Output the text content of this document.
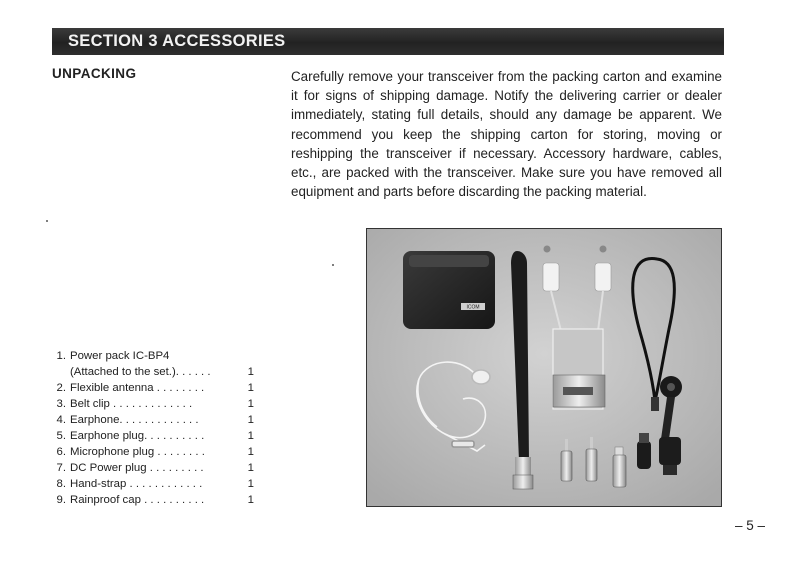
SECTION 3 ACCESSORIES
UNPACKING	Carefully remove your transceiver from the packing carton and examine it for signs of shipping damage. Notify the delivering carrier or dealer immediately, stating full details, should any damage be apparent. We recommend you keep the shipping carton for storing, moving or reshipping the transceiver if necessary. Accessory hardware, cables, etc., are packed with the transceiver. Make sure you have removed all equipment and parts before discarding the packing material.

ICOM
1. Power pack IC-BP4
(Attached to the set.). . . . . .	1
2. Flexible antenna . . . . . . . .	1
3. Belt clip . . . . . . . . . . . . .	1
4. Earphone. . . . . . . . . . . . .	1
5. Earphone plug. . . . . . . . . .	1
6. Microphone plug . . . . . . . .	1
7. DC Power plug . . . . . . . . .	1
8. Hand-strap . . . . . . . . . . . .	1
9. Rainproof cap . . . . . . . . . .	1
– 5 –
